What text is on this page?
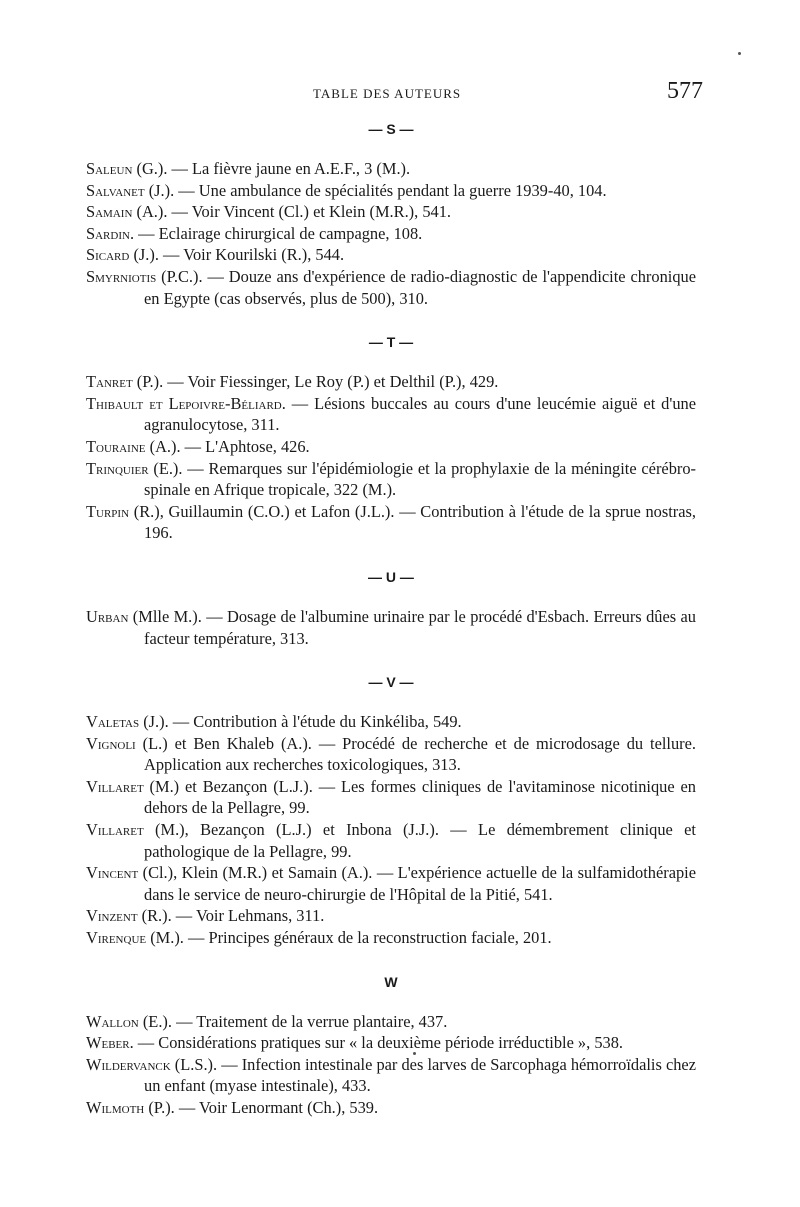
TABLE DES AUTEURS	577
— S —
Saleun (G.). — La fièvre jaune en A.E.F., 3 (M.).
Salvanet (J.). — Une ambulance de spécialités pendant la guerre 1939-40, 104.
Samain (A.). — Voir Vincent (Cl.) et Klein (M.R.), 541.
Sardin. — Eclairage chirurgical de campagne, 108.
Sicard (J.). — Voir Kourilski (R.), 544.
Smyrniotis (P.C.). — Douze ans d'expérience de radio-diagnostic de l'appendicite chronique en Egypte (cas observés, plus de 500), 310.
— T —
Tanret (P.). — Voir Fiessinger, Le Roy (P.) et Delthil (P.), 429.
Thibault et Lepoivre-Béliard. — Lésions buccales au cours d'une leucémie aiguë et d'une agranulocytose, 311.
Touraine (A.). — L'Aphtose, 426.
Trinquier (E.). — Remarques sur l'épidémiologie et la prophylaxie de la méningite cérébro-spinale en Afrique tropicale, 322 (M.).
Turpin (R.), Guillaumin (C.O.) et Lafon (J.L.). — Contribution à l'étude de la sprue nostras, 196.
— U —
Urban (Mlle M.). — Dosage de l'albumine urinaire par le procédé d'Esbach. Erreurs dûes au facteur température, 313.
— V —
Valetas (J.). — Contribution à l'étude du Kinkéliba, 549.
Vignoli (L.) et Ben Khaleb (A.). — Procédé de recherche et de microdosage du tellure. Application aux recherches toxicologiques, 313.
Villaret (M.) et Bezançon (L.J.). — Les formes cliniques de l'avitaminose nicotinique en dehors de la Pellagre, 99.
Villaret (M.), Bezançon (L.J.) et Inbona (J.J.). — Le démembrement clinique et pathologique de la Pellagre, 99.
Vincent (Cl.), Klein (M.R.) et Samain (A.). — L'expérience actuelle de la sulfamidothérapie dans le service de neuro-chirurgie de l'Hôpital de la Pitié, 541.
Vinzent (R.). — Voir Lehmans, 311.
Virenque (M.). — Principes généraux de la reconstruction faciale, 201.
W
Wallon (E.). — Traitement de la verrue plantaire, 437.
Weber. — Considérations pratiques sur « la deuxième période irréductible », 538.
Wildervanck (L.S.). — Infection intestinale par des larves de Sarcophaga hémorroïdalis chez un enfant (myase intestinale), 433.
Wilmoth (P.). — Voir Lenormant (Ch.), 539.
